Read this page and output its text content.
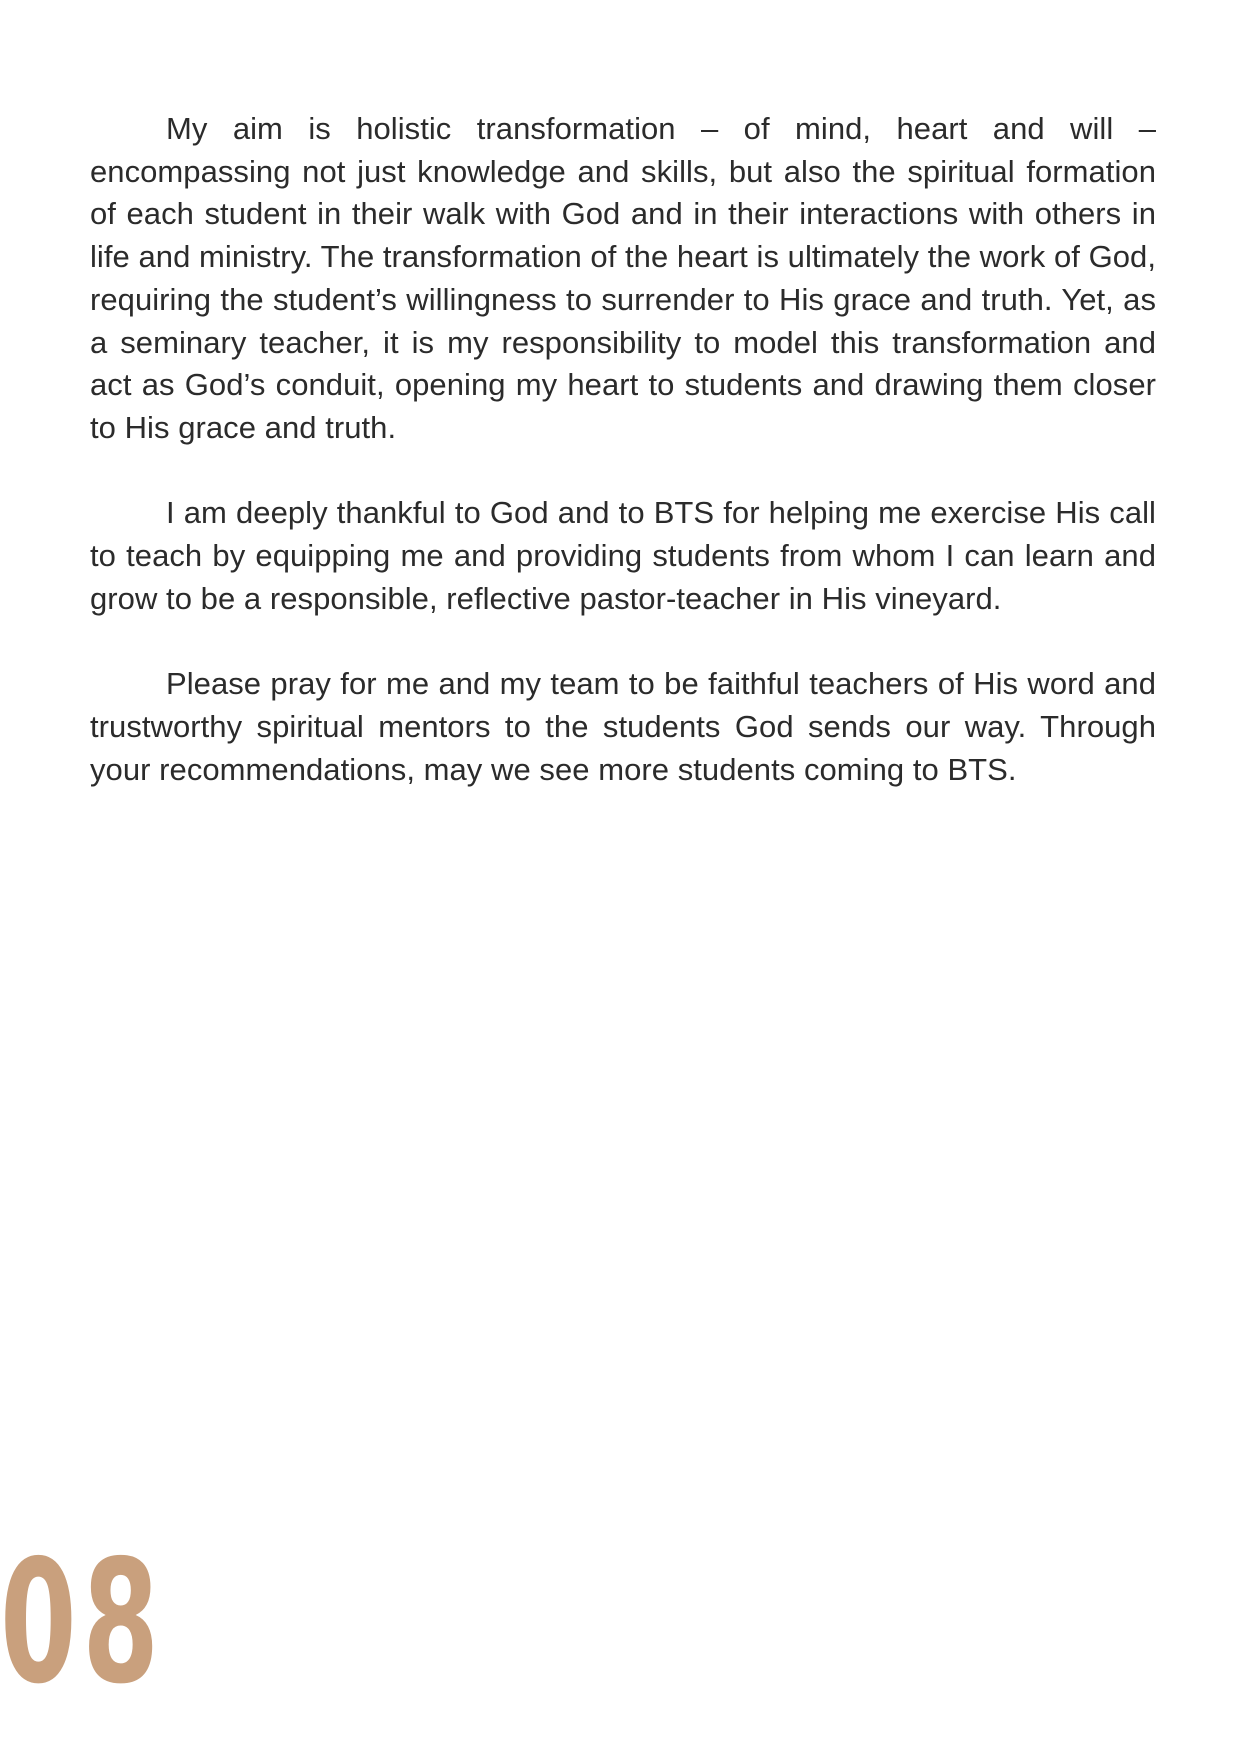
My aim is holistic transformation – of mind, heart and will – encompassing not just knowledge and skills, but also the spiritual formation of each student in their walk with God and in their interactions with others in life and ministry. The transformation of the heart is ultimately the work of God, requiring the student’s willingness to surrender to His grace and truth. Yet, as a seminary teacher, it is my responsibility to model this transformation and act as God’s conduit, opening my heart to students and drawing them closer to His grace and truth.

I am deeply thankful to God and to BTS for helping me exercise His call to teach by equipping me and providing students from whom I can learn and grow to be a responsible, reflective pastor-teacher in His vineyard.

Please pray for me and my team to be faithful teachers of His word and trustworthy spiritual mentors to the students God sends our way. Through your recommendations, may we see more students coming to BTS.

08
